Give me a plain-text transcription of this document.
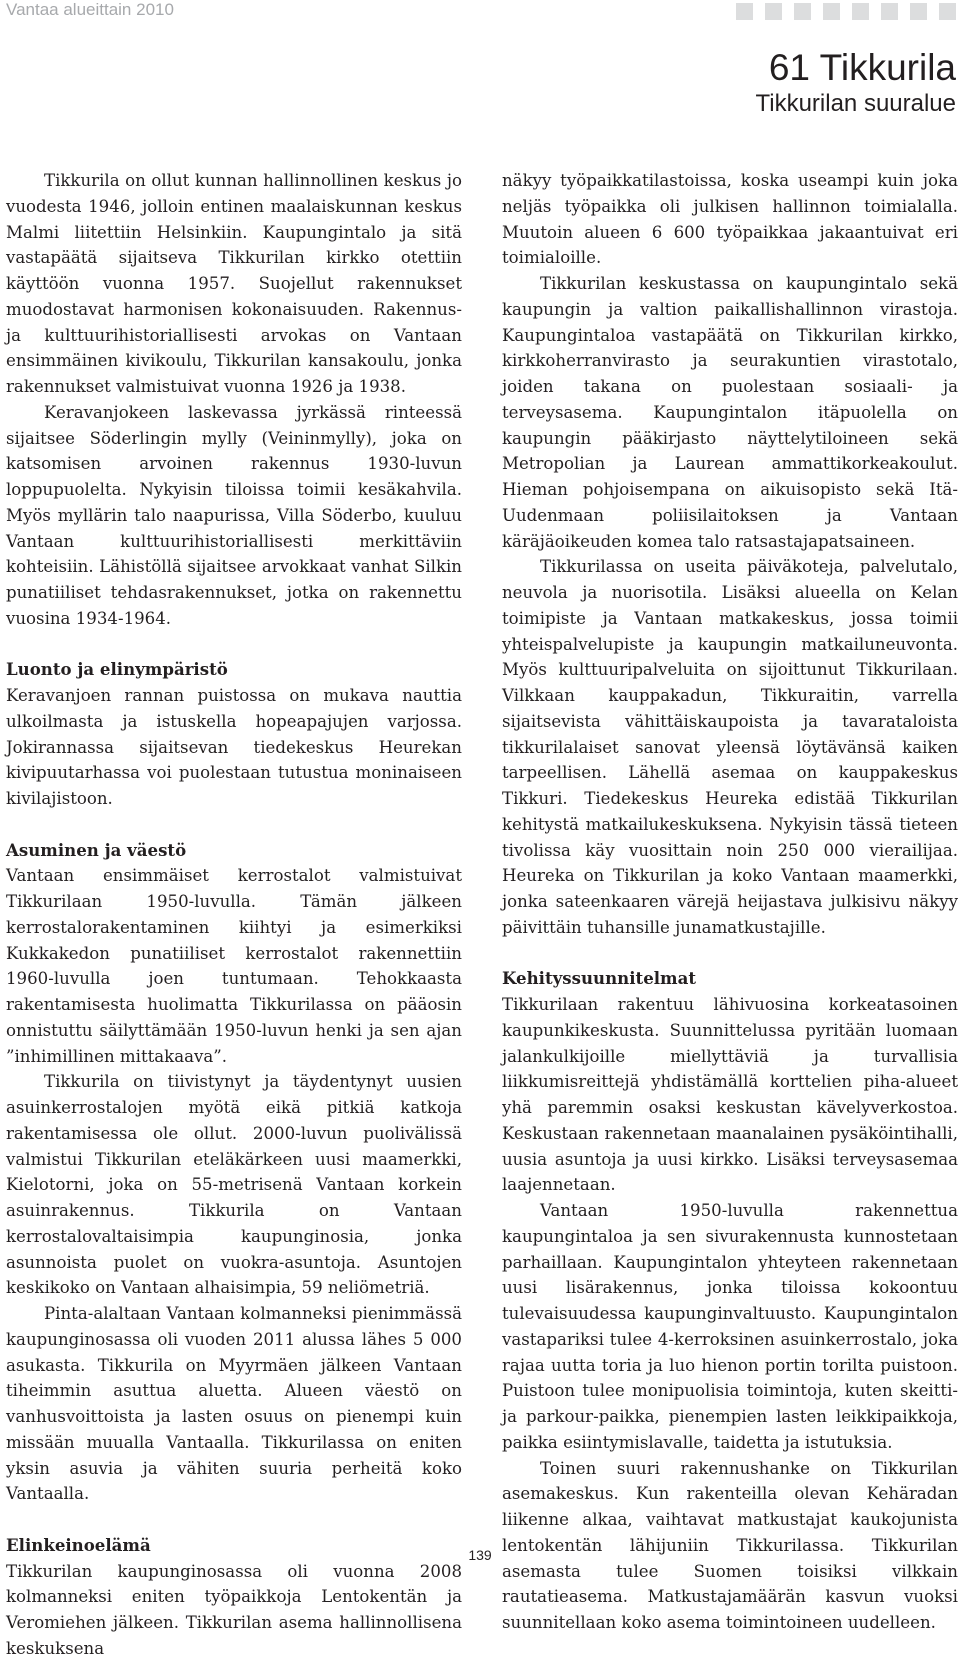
Vantaa alueittain 2010
61 Tikkurila
Tikkurilan suuralue

Tikkurila on ollut kunnan hallinnollinen keskus jo vuodesta 1946, jolloin entinen maalaiskunnan keskus Malmi liitettiin Helsinkiin. Kaupungintalo ja sitä vastapäätä sijaitseva Tikkurilan kirkko otettiin käyttöön vuonna 1957. Suojellut rakennukset muodostavat harmonisen kokonaisuuden. Rakennus- ja kulttuurihistoriallisesti arvokas on Vantaan ensimmäinen kivikoulu, Tikkurilan kansakoulu, jonka rakennukset valmistuivat vuonna 1926 ja 1938.

Keravanjokeen laskevassa jyrkässä rinteessä sijaitsee Söderlingin mylly (Veininmylly), joka on katsomisen arvoinen rakennus 1930-luvun loppupuolelta. Nykyisin tiloissa toimii kesäkahvila. Myös myllärin talo naapurissa, Villa Söderbo, kuuluu Vantaan kulttuurihistoriallisesti merkittäviin kohteisiin. Lähistöllä sijaitsee arvokkaat vanhat Silkin punatiiliset tehdasrakennukset, jotka on rakennettu vuosina 1934-1964.

Luonto ja elinympäristö

Keravanjoen rannan puistossa on mukava nauttia ulkoilmasta ja istuskella hopeapajujen varjossa. Jokirannassa sijaitsevan tiedekeskus Heurekan kivipuutarhassa voi puolestaan tutustua moninaiseen kivilajistoon.

Asuminen ja väestö

Vantaan ensimmäiset kerrostalot valmistuivat Tikkurilaan 1950-luvulla. Tämän jälkeen kerrostalorakentaminen kiihtyi ja esimerkiksi Kukkakedon punatiiliset kerrostalot rakennettiin 1960-luvulla joen tuntumaan. Tehokkaasta rakentamisesta huolimatta Tikkurilassa on pääosin onnistuttu säilyttämään 1950-luvun henki ja sen ajan ”inhimillinen mittakaava”.

Tikkurila on tiivistynyt ja täydentynyt uusien asuinkerrostalojen myötä eikä pitkiä katkoja rakentamisessa ole ollut. 2000-luvun puolivälissä valmistui Tikkurilan eteläkärkeen uusi maamerkki, Kielotorni, joka on 55-metrisenä Vantaan korkein asuinrakennus. Tikkurila on Vantaan kerrostalovaltaisimpia kaupunginosia, jonka asunnoista puolet on vuokra-asuntoja. Asuntojen keskikoko on Vantaan alhaisimpia, 59 neliömetriä.

Pinta-alaltaan Vantaan kolmanneksi pienimmässä kaupunginosassa oli vuoden 2011 alussa lähes 5 000 asukasta. Tikkurila on Myyrmäen jälkeen Vantaan tiheimmin asuttua aluetta. Alueen väestö on vanhusvoittoista ja lasten osuus on pienempi kuin missään muualla Vantaalla. Tikkurilassa on eniten yksin asuvia ja vähiten suuria perheitä koko Vantaalla.

Elinkeinoelämä

Tikkurilan kaupunginosassa oli vuonna 2008 kolmanneksi eniten työpaikkoja Lentokentän ja Veromiehen jälkeen. Tikkurilan asema hallinnollisena keskuksena

näkyy työpaikkatilastoissa, koska useampi kuin joka neljäs työpaikka oli julkisen hallinnon toimialalla. Muutoin alueen 6 600 työpaikkaa jakaantuivat eri toimialoille.

Tikkurilan keskustassa on kaupungintalo sekä kaupungin ja valtion paikallishallinnon virastoja. Kaupungintaloa vastapäätä on Tikkurilan kirkko, kirkkoherranvirasto ja seurakuntien virastotalo, joiden takana on puolestaan sosiaali- ja terveysasema. Kaupungintalon itäpuolella on kaupungin pääkirjasto näyttelytiloineen sekä Metropolian ja Laurean ammattikorkeakoulut. Hieman pohjoisempana on aikuisopisto sekä Itä-Uudenmaan poliisilaitoksen ja Vantaan käräjäoikeuden komea talo ratsastajapatsaineen.

Tikkurilassa on useita päiväkoteja, palvelutalo, neuvola ja nuorisotila. Lisäksi alueella on Kelan toimipiste ja Vantaan matkakeskus, jossa toimii yhteispalvelupiste ja kaupungin matkailuneuvonta. Myös kulttuuripalveluita on sijoittunut Tikkurilaan. Vilkkaan kauppakadun, Tikkuraitin, varrella sijaitsevista vähittäiskaupoista ja tavarataloista tikkurilalaiset sanovat yleensä löytävänsä kaiken tarpeellisen. Lähellä asemaa on kauppakeskus Tikkuri. Tiedekeskus Heureka edistää Tikkurilan kehitystä matkailukeskuksena. Nykyisin tässä tieteen tivolissa käy vuosittain noin 250 000 vierailijaa. Heureka on Tikkurilan ja koko Vantaan maamerkki, jonka sateenkaaren värejä heijastava julkisivu näkyy päivittäin tuhansille junamatkustajille.

Kehityssuunnitelmat

Tikkurilaan rakentuu lähivuosina korkeatasoinen kaupunkikeskusta. Suunnittelussa pyritään luomaan jalankulkijoille miellyttäviä ja turvallisia liikkumisreittejä yhdistämällä korttelien piha-alueet yhä paremmin osaksi keskustan kävelyverkostoa. Keskustaan rakennetaan maanalainen pysäköintihalli, uusia asuntoja ja uusi kirkko. Lisäksi terveysasemaa laajennetaan.

Vantaan 1950-luvulla rakennettua kaupungintaloa ja sen sivurakennusta kunnostetaan parhaillaan. Kaupungintalon yhteyteen rakennetaan uusi lisärakennus, jonka tiloissa kokoontuu tulevaisuudessa kaupunginvaltuusto. Kaupungintalon vastapariksi tulee 4-kerroksinen asuinkerrostalo, joka rajaa uutta toria ja luo hienon portin torilta puistoon. Puistoon tulee monipuolisia toimintoja, kuten skeitti- ja parkour-paikka, pienempien lasten leikkipaikkoja, paikka esiintymislavalle, taidetta ja istutuksia.

Toinen suuri rakennushanke on Tikkurilan asemakeskus. Kun rakenteilla olevan Kehäradan liikenne alkaa, vaihtavat matkustajat kaukojunista lentokentän lähijuniin Tikkurilassa. Tikkurilan asemasta tulee Suomen toisiksi vilkkain rautatieasema. Matkustajamäärän kasvun vuoksi suunnitellaan koko asema toimintoineen uudelleen.

139
